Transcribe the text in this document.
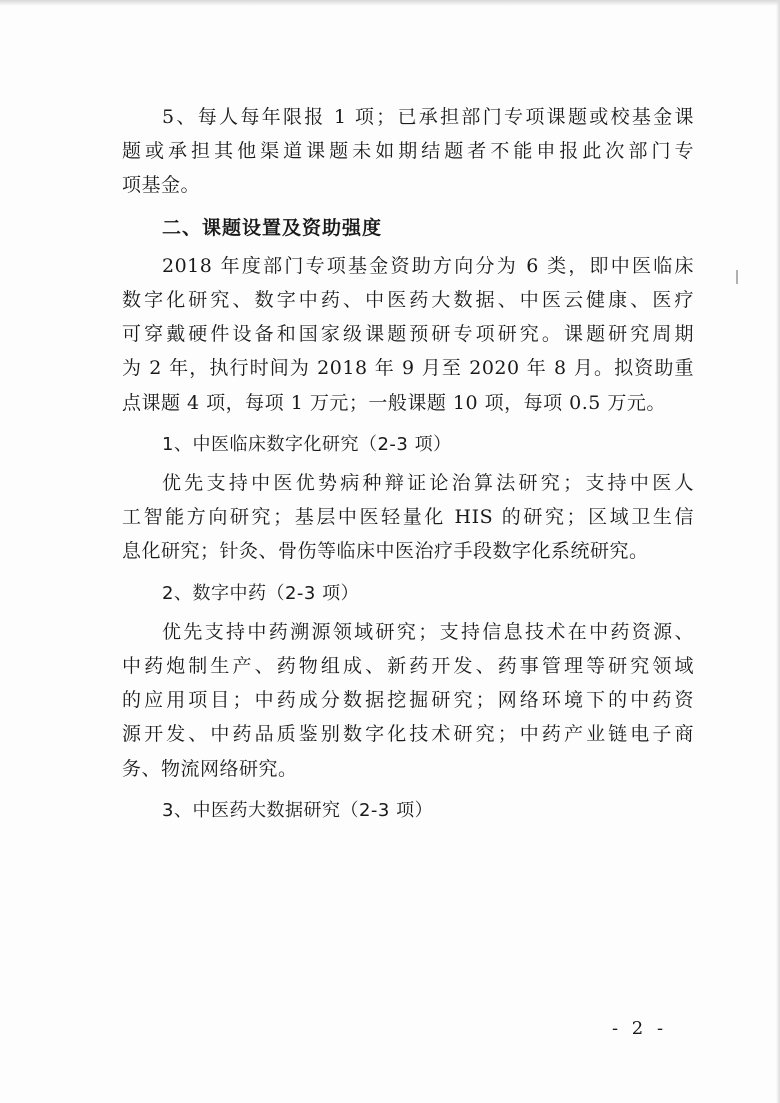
5、每人每年限报 1 项；已承担部门专项课题或校基金课
题或承担其他渠道课题未如期结题者不能申报此次部门专
项基金。

二、课题设置及资助强度

2018 年度部门专项基金资助方向分为 6 类，即中医临床
数字化研究、数字中药、中医药大数据、中医云健康、医疗
可穿戴硬件设备和国家级课题预研专项研究。课题研究周期
为 2 年，执行时间为 2018 年 9 月至 2020 年 8 月。拟资助重
点课题 4 项，每项 1 万元；一般课题 10 项，每项 0.5 万元。

1、中医临床数字化研究（2-3 项）

优先支持中医优势病种辩证论治算法研究；支持中医人
工智能方向研究；基层中医轻量化 HIS 的研究；区域卫生信
息化研究；针灸、骨伤等临床中医治疗手段数字化系统研究。

2、数字中药（2-3 项）

优先支持中药溯源领域研究；支持信息技术在中药资源、
中药炮制生产、药物组成、新药开发、药事管理等研究领域
的应用项目；中药成分数据挖掘研究；网络环境下的中药资
源开发、中药品质鉴别数字化技术研究；中药产业链电子商
务、物流网络研究。

3、中医药大数据研究（2-3 项）
- 2 -
